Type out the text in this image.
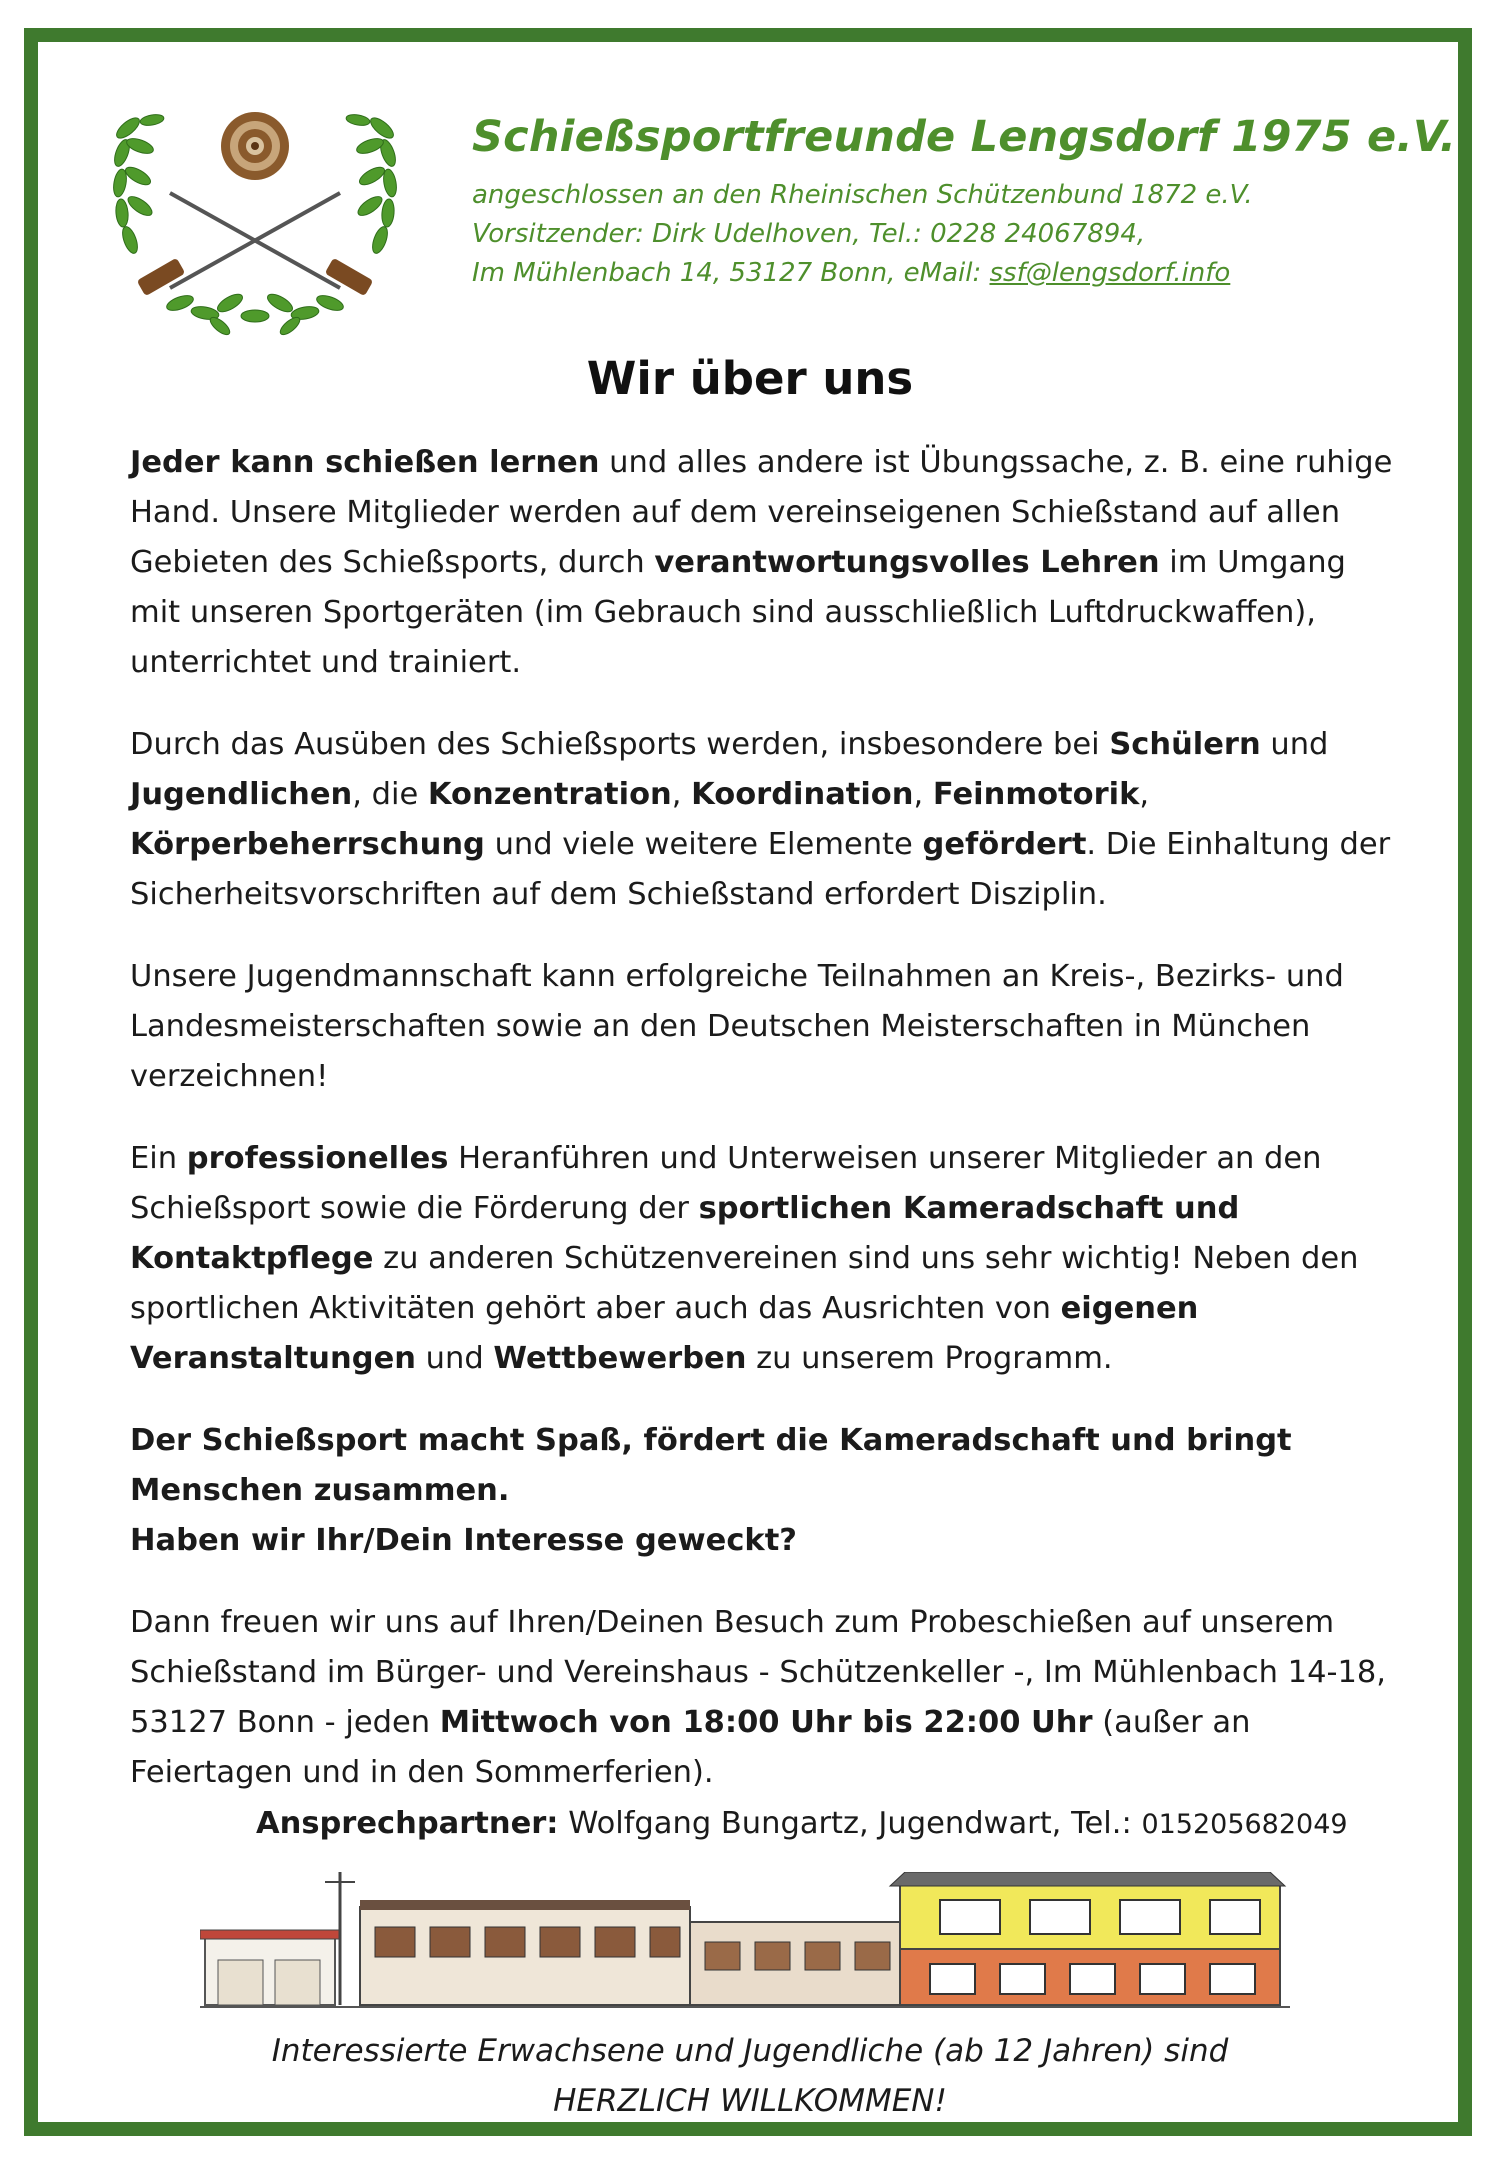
Schießsportfreunde Lengsdorf 1975 e.V.
angeschlossen an den Rheinischen Schützenbund 1872 e.V.
Vorsitzender: Dirk Udelhoven, Tel.: 0228 24067894,
Im Mühlenbach 14, 53127 Bonn, eMail: ssf@lengsdorf.info
Wir über uns

Jeder kann schießen lernen und alles andere ist Übungssache, z. B. eine ruhige Hand. Unsere Mitglieder werden auf dem vereinseigenen Schießstand auf allen Gebieten des Schießsports, durch verantwortungsvolles Lehren im Umgang mit unseren Sportgeräten (im Gebrauch sind ausschließlich Luftdruckwaffen), unterrichtet und trainiert.

Durch das Ausüben des Schießsports werden, insbesondere bei Schülern und Jugendlichen, die Konzentration, Koordination, Feinmotorik, Körperbeherrschung und viele weitere Elemente gefördert. Die Einhaltung der Sicherheitsvorschriften auf dem Schießstand erfordert Disziplin.

Unsere Jugendmannschaft kann erfolgreiche Teilnahmen an Kreis-, Bezirks- und Landesmeisterschaften sowie an den Deutschen Meisterschaften in München verzeichnen!

Ein professionelles Heranführen und Unterweisen unserer Mitglieder an den Schießsport sowie die Förderung der sportlichen Kameradschaft und Kontaktpflege zu anderen Schützenvereinen sind uns sehr wichtig! Neben den sportlichen Aktivitäten gehört aber auch das Ausrichten von eigenen Veranstaltungen und Wettbewerben zu unserem Programm.

Der Schießsport macht Spaß, fördert die Kameradschaft und bringt Menschen zusammen.
Haben wir Ihr/Dein Interesse geweckt?

Dann freuen wir uns auf Ihren/Deinen Besuch zum Probeschießen auf unserem Schießstand im Bürger- und Vereinshaus - Schützenkeller -, Im Mühlenbach 14-18, 53127 Bonn - jeden Mittwoch von 18:00 Uhr bis 22:00 Uhr (außer an Feiertagen und in den Sommerferien).

Ansprechpartner: Wolfgang Bungartz, Jugendwart, Tel.: 015205682049
Interessierte Erwachsene und Jugendliche (ab 12 Jahren) sind
HERZLICH WILLKOMMEN!
